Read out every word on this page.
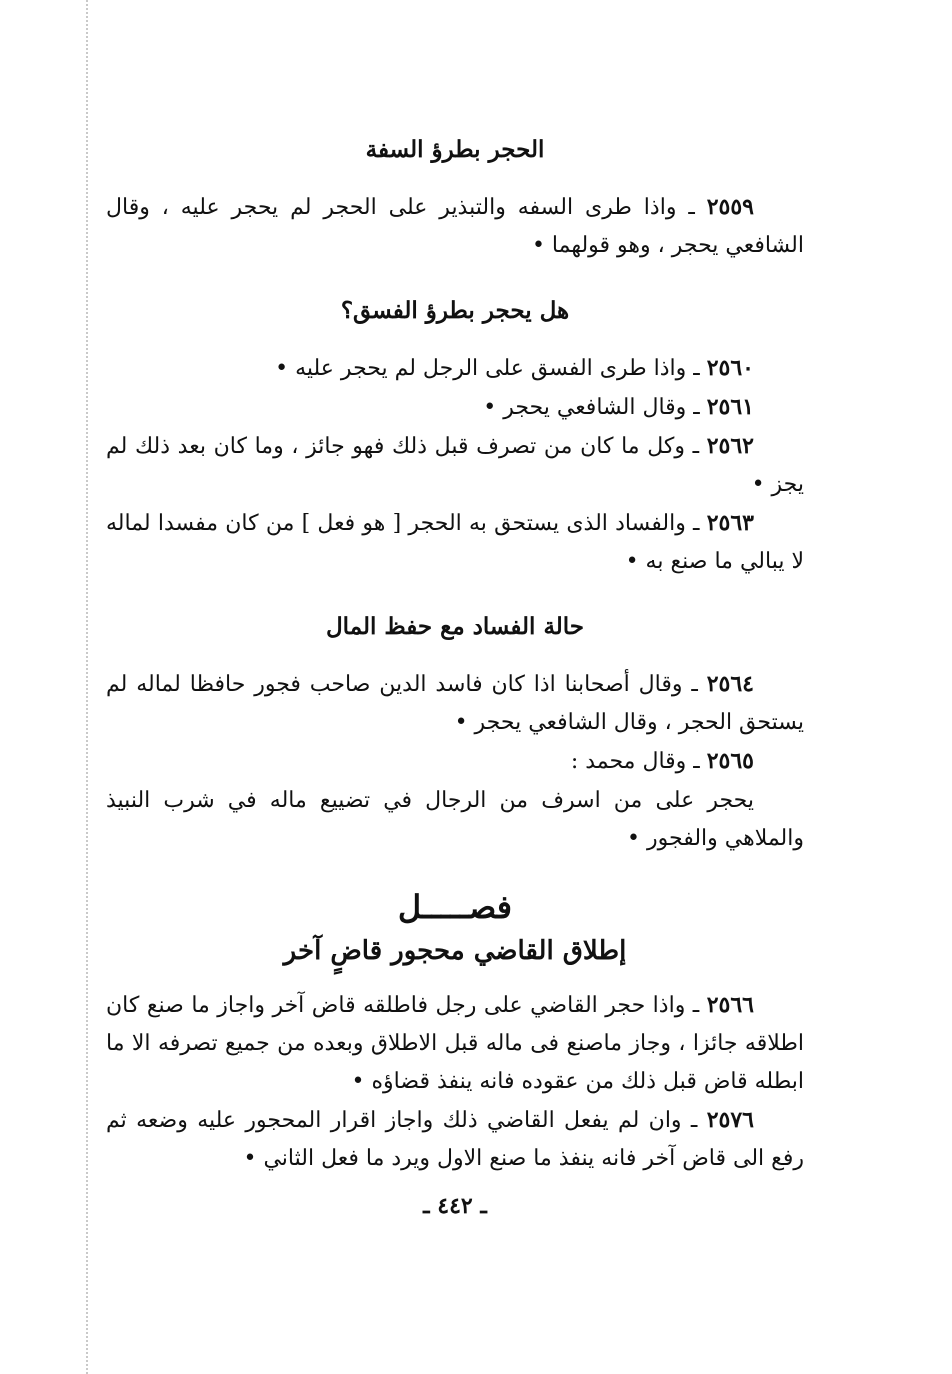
الحجر بطرؤ السفة

٢٥٥٩ ـ واذا طرى السفه والتبذير على الحجر لم يحجر عليه ، وقال الشافعي يحجر ، وهو قولهما •

هل يحجر بطرؤ الفسق؟

٢٥٦٠ ـ واذا طرى الفسق على الرجل لم يحجر عليه •

٢٥٦١ ـ وقال الشافعي يحجر •

٢٥٦٢ ـ وكل ما كان من تصرف قبل ذلك فهو جائز ، وما كان بعد ذلك لم يجز •

٢٥٦٣ ـ والفساد الذى يستحق به الحجر [ هو فعل ] من كان مفسدا لماله لا يبالي ما صنع به •

حالة الفساد مع حفظ المال

٢٥٦٤ ـ وقال أصحابنا اذا كان فاسد الدين صاحب فجور حافظا لماله لم يستحق الحجر ، وقال الشافعي يحجر •

٢٥٦٥ ـ وقال محمد :

يحجر على من اسرف من الرجال في تضييع ماله في شرب النبيذ والملاهي والفجور •

فصـــــل
إطلاق القاضي محجور قاضٍ آخر

٢٥٦٦ ـ واذا حجر القاضي على رجل فاطلقه قاض آخر واجاز ما صنع كان اطلاقه جائزا ، وجاز ماصنع فى ماله قبل الاطلاق وبعده من جميع تصرفه الا ما ابطله قاض قبل ذلك من عقوده فانه ينفذ قضاؤه •

٢٥٧٦ ـ وان لم يفعل القاضي ذلك واجاز اقرار المحجور عليه وضعه ثم رفع الى قاض آخر فانه ينفذ ما صنع الاول ويرد ما فعل الثاني •

ـ ٤٤٢ ـ
